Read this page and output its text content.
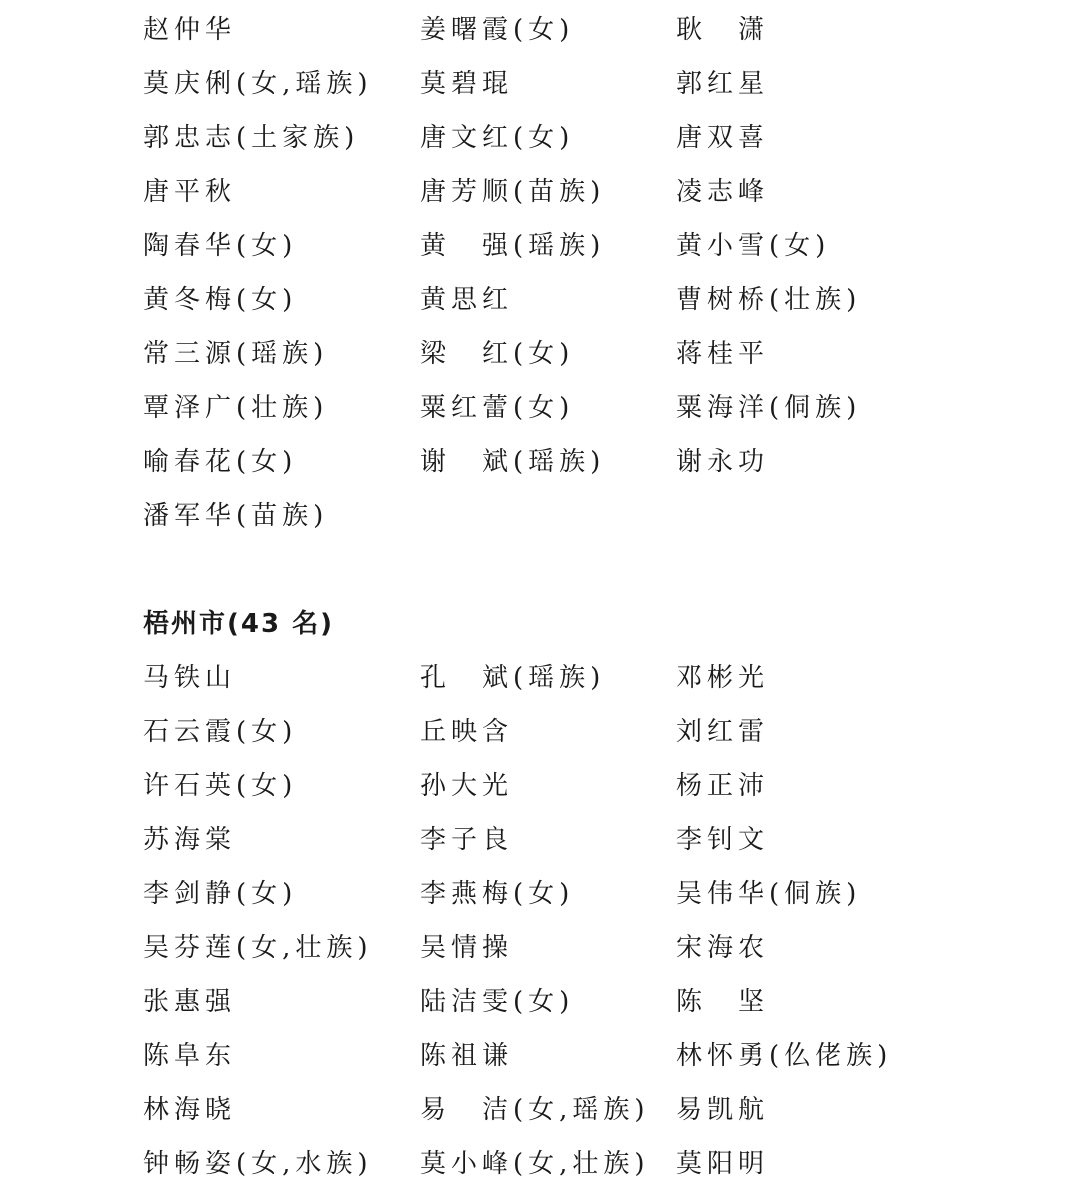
赵仲华	姜曙霞(女)	耿　潇
莫庆俐(女,瑶族) 莫碧琨	郭红星
郭忠志(土家族) 唐文红(女)	唐双喜
唐平秋	唐芳顺(苗族)	凌志峰
陶春华(女)	黄　强(瑶族)	黄小雪(女)
黄冬梅(女)	黄思红	曹树桥(壮族)
常三源(瑶族)	梁　红(女)	蒋桂平
覃泽广(壮族)	粟红蕾(女)	粟海洋(侗族)
喻春花(女)	谢　斌(瑶族)	谢永功
潘军华(苗族)
梧州市(43 名)
马铁山	孔　斌(瑶族)	邓彬光
石云霞(女)	丘映含	刘红雷
许石英(女)	孙大光	杨正沛
苏海棠	李子良	李钊文
李剑静(女)	李燕梅(女)	吴伟华(侗族)
吴芬莲(女,壮族) 吴情操	宋海农
张惠强	陆洁雯(女)	陈　坚
陈阜东	陈祖谦	林怀勇(仫佬族)
林海晓	易　洁(女,瑶族) 易凯航
钟畅姿(女,水族) 莫小峰(女,壮族) 莫阳明
